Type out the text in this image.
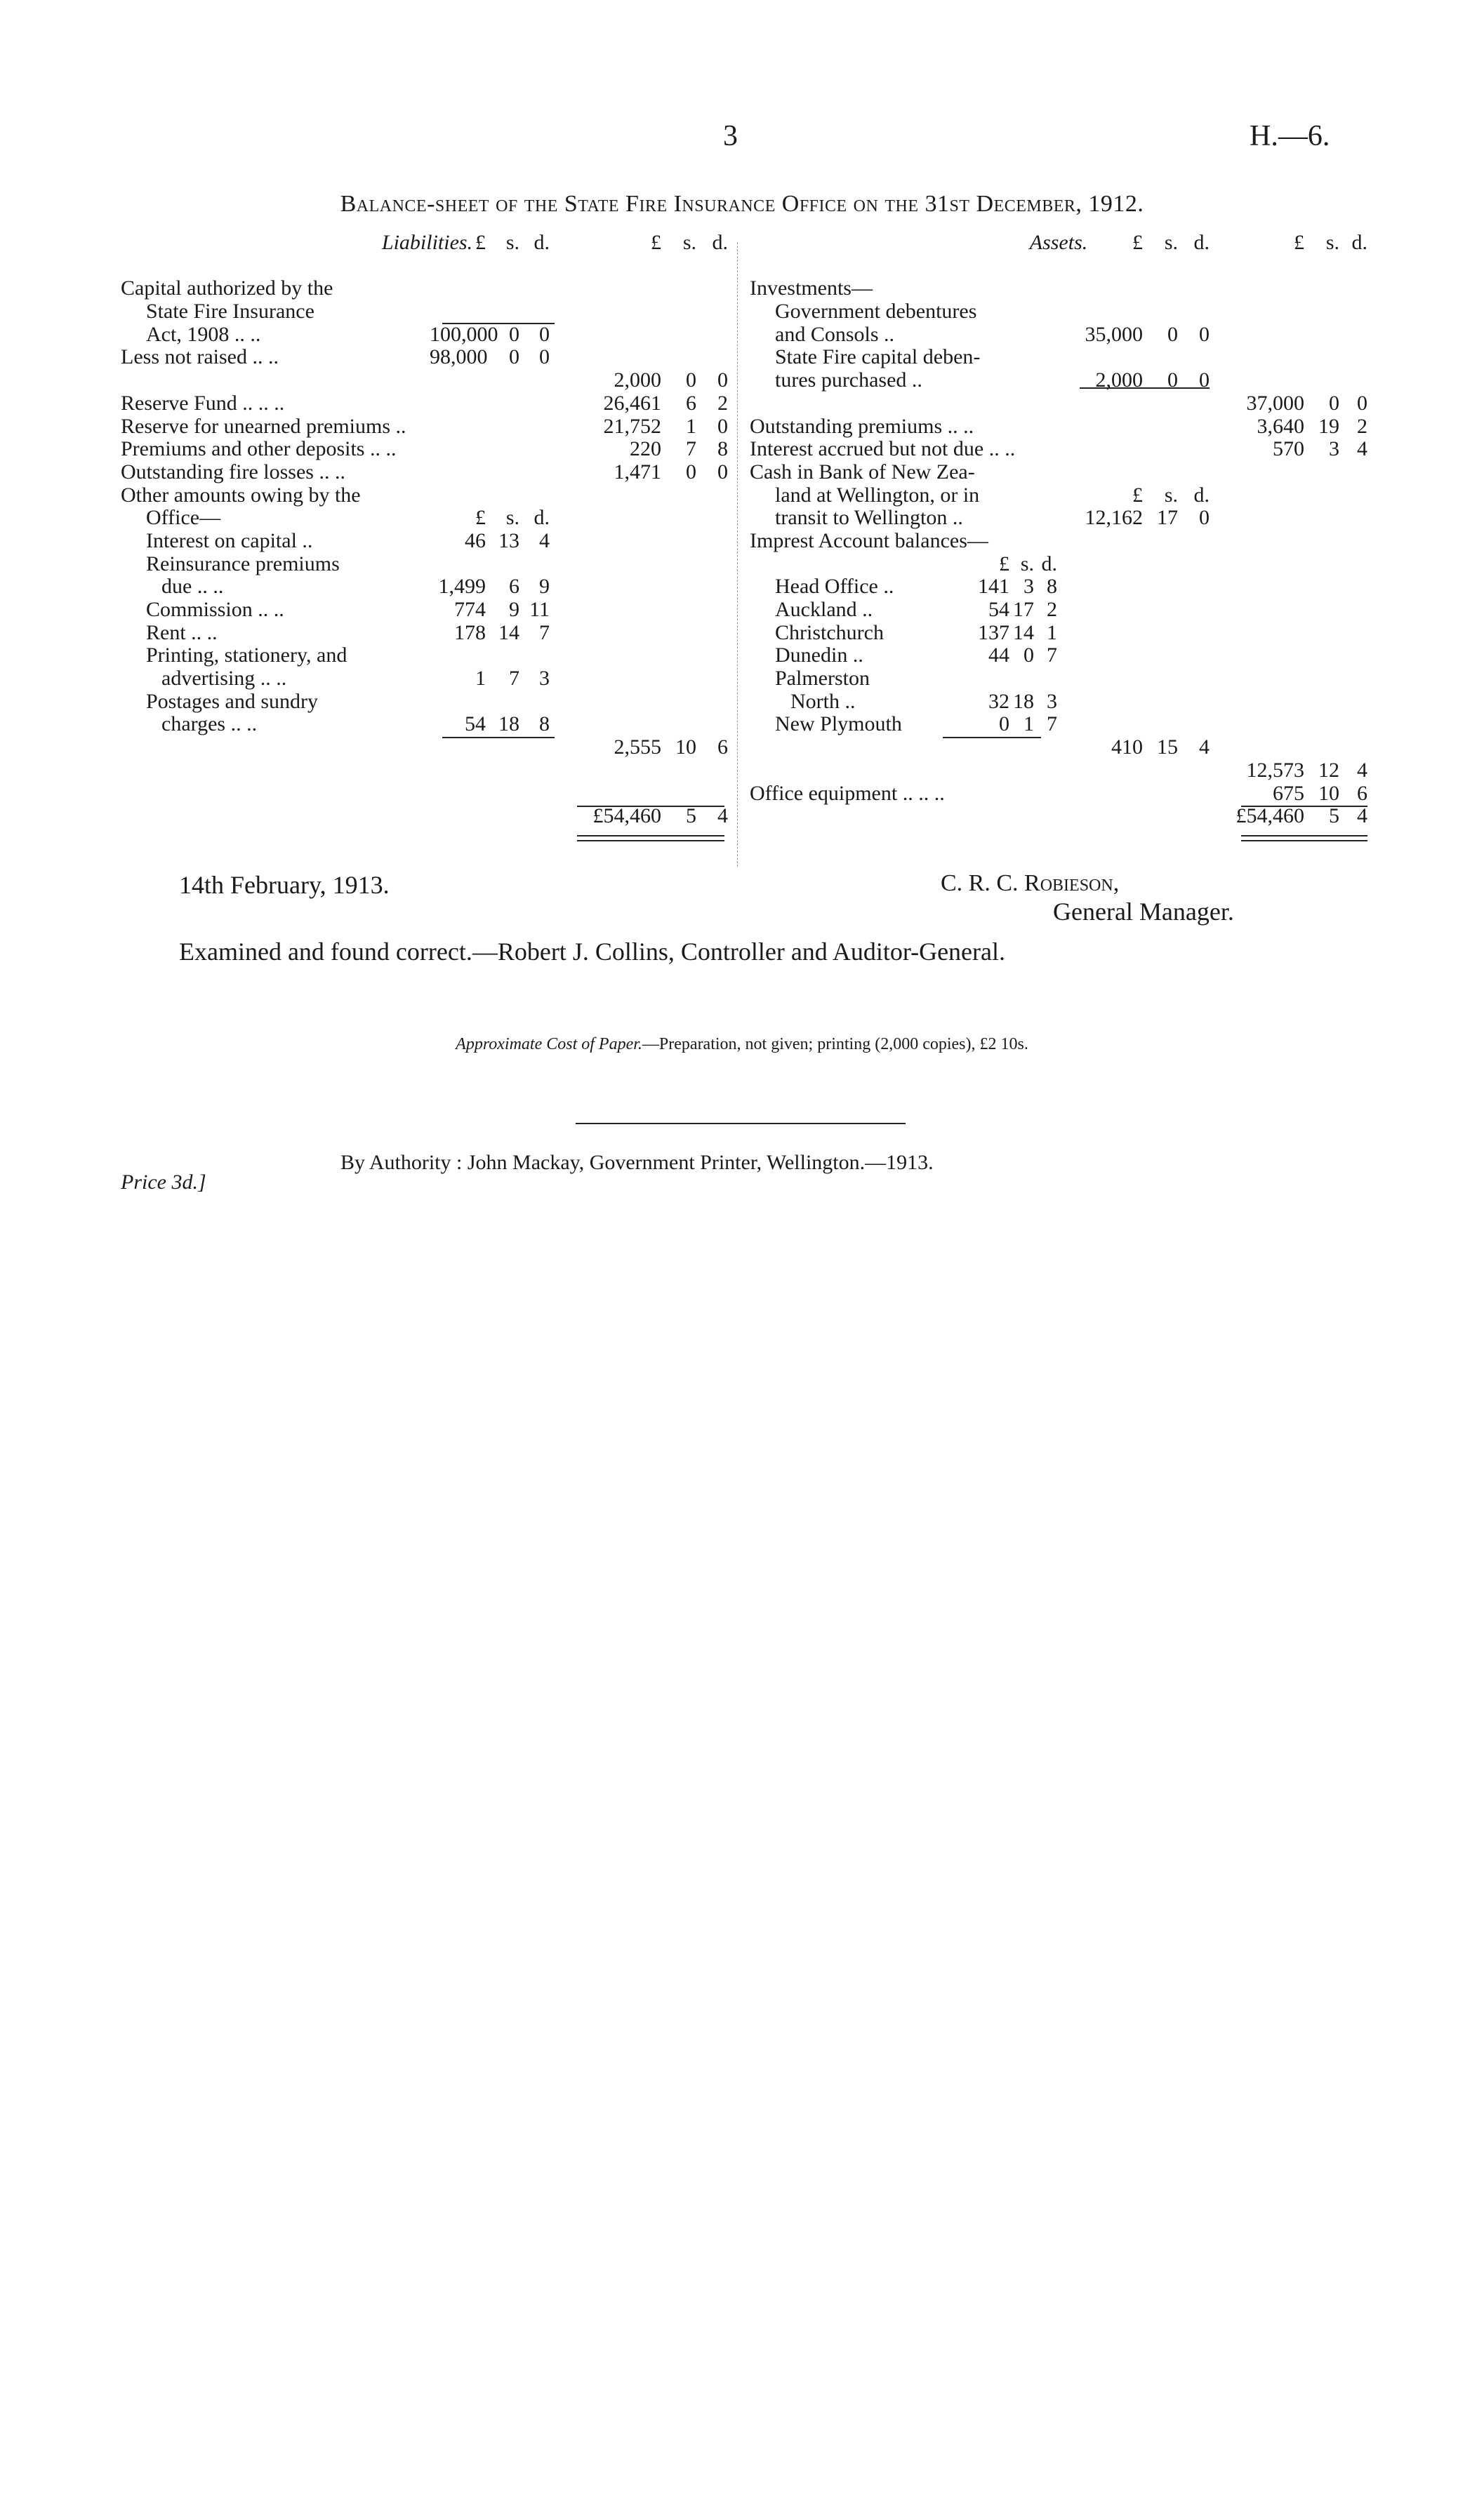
3	H.—6.
Balance-sheet of the State Fire Insurance Office on the 31st December, 1912.
Liabilities. £ s. d.	£	s. d.
Capital authorized by the
State Fire Insurance
Act, 1908 .. ..	100,000 0 0
Less not raised .. ..	98,000	0 0
2,000	0	0
Reserve Fund .. .. ..	26,461	6	2
Reserve for unearned premiums ..	21,752	1	0
Premiums and other deposits .. ..	220	7	8
Outstanding fire losses .. ..	1,471	0	0
Other amounts owing by the
Office—	£ s. d.
Interest on capital ..	46 13 4
Reinsurance premiums
due .. ..	1,499	6 9
Commission .. ..	774	9 11
Rent .. ..	178 14 7
Printing, stationery, and
advertising .. ..	1	7 3
Postages and sundry
charges .. ..	54 18 8
2,555 10	6
£54,460	5	4
Assets.	£	s. d.	£	s. d.
Investments—
Government debentures
and Consols ..	35,000	0	0
State Fire capital deben-
tures purchased ..	2,000	0	0
37,000	0 0
Outstanding premiums .. ..	3,640 19 2
Interest accrued but not due .. ..	570	3 4
Cash in Bank of New Zea-
land at Wellington, or in	£	s. d.
transit to Wellington ..	12,162 17	0
Imprest Account balances—
£ s. d.
Head Office ..	141 3 8
Auckland ..	54 17 2
Christchurch	137 14 1
Dunedin ..	44 0 7
Palmerston
North ..	32 18 3
New Plymouth	0 1 7
410 15	4
12,573 12 4
Office equipment .. .. ..	675 10 6
£54,460	5 4
14th February, 1913.	C. R. C. Robieson,
General Manager.
Examined and found correct.—Robert J. Collins, Controller and Auditor-General.
Approximate Cost of Paper.—Preparation, not given; printing (2,000 copies), £2 10s.
By Authority : John Mackay, Government Printer, Wellington.—1913.
Price 3d.]
